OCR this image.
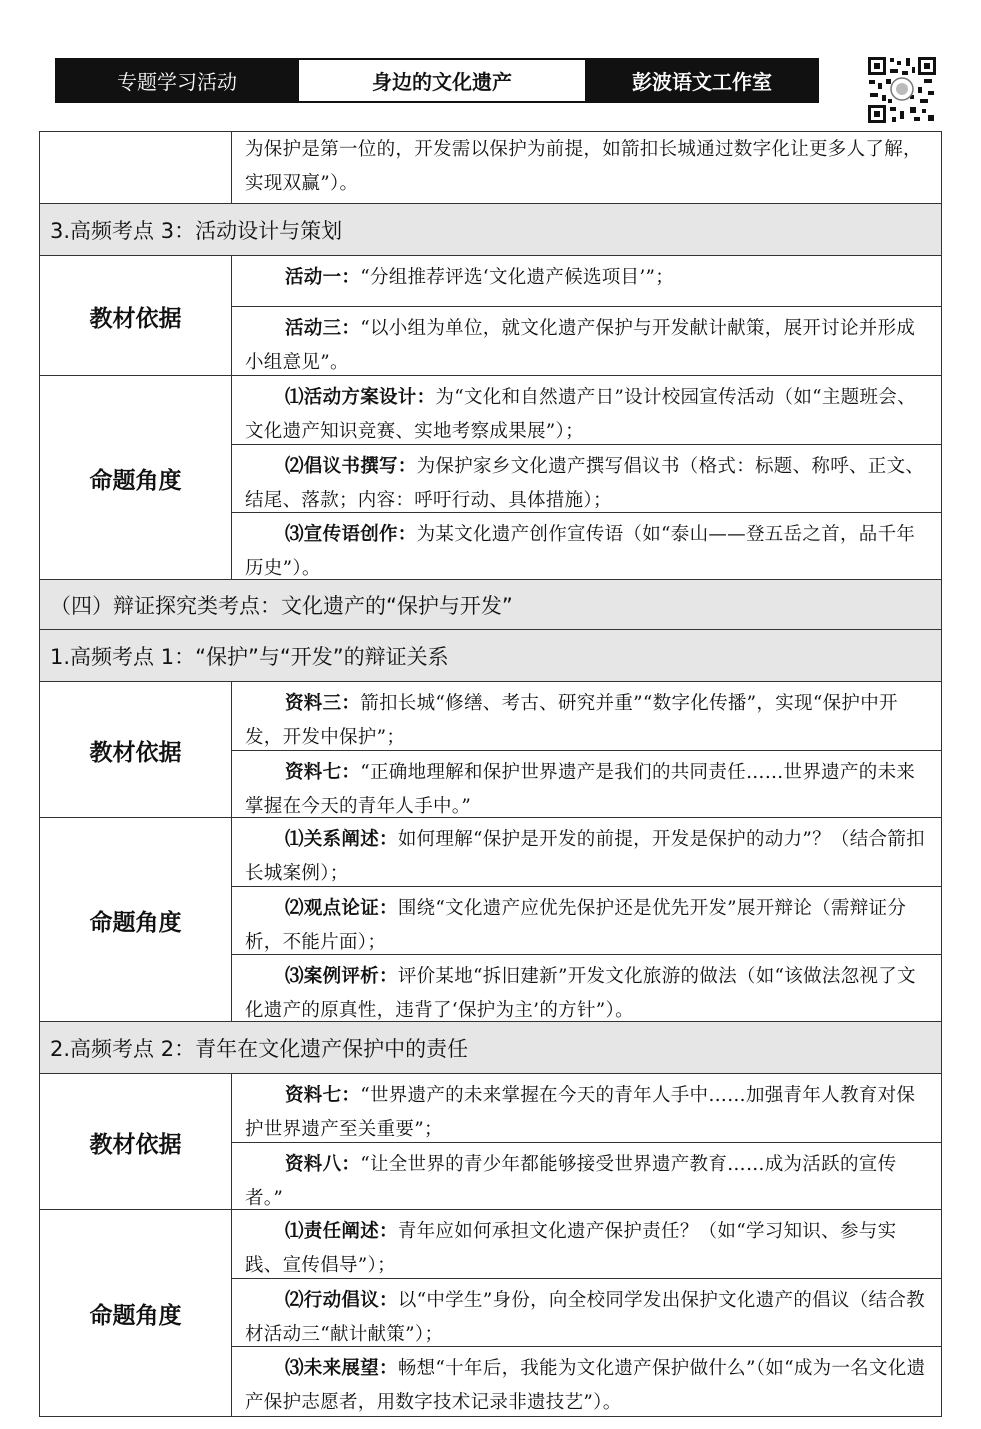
专题学习活动	身边的文化遗产	彭波语文工作室
为保护是第一位的，开发需以保护为前提，如箭扣长城通过数字化让更多人了解，实现双赢”）。
3.高频考点 3：活动设计与策划
教材依据
活动一：“分组推荐评选‘文化遗产候选项目’”；
活动三：“以小组为单位，就文化遗产保护与开发献计献策，展开讨论并形成小组意见”。
命题角度
⑴活动方案设计：为“文化和自然遗产日”设计校园宣传活动（如“主题班会、文化遗产知识竞赛、实地考察成果展”）；
⑵倡议书撰写：为保护家乡文化遗产撰写倡议书（格式：标题、称呼、正文、结尾、落款；内容：呼吁行动、具体措施）；
⑶宣传语创作：为某文化遗产创作宣传语（如“泰山——登五岳之首，品千年历史”）。
（四）辩证探究类考点：文化遗产的“保护与开发”
1.高频考点 1：“保护”与“开发”的辩证关系
教材依据
资料三：箭扣长城“修缮、考古、研究并重”“数字化传播”，实现“保护中开发，开发中保护”；
资料七：“正确地理解和保护世界遗产是我们的共同责任……世界遗产的未来掌握在今天的青年人手中。”
命题角度
⑴关系阐述：如何理解“保护是开发的前提，开发是保护的动力”？（结合箭扣长城案例）；
⑵观点论证：围绕“文化遗产应优先保护还是优先开发”展开辩论（需辩证分析，不能片面）；
⑶案例评析：评价某地“拆旧建新”开发文化旅游的做法（如“该做法忽视了文化遗产的原真性，违背了‘保护为主’的方针”）。
2.高频考点 2：青年在文化遗产保护中的责任
教材依据
资料七：“世界遗产的未来掌握在今天的青年人手中……加强青年人教育对保护世界遗产至关重要”；
资料八：“让全世界的青少年都能够接受世界遗产教育……成为活跃的宣传者。”
命题角度
⑴责任阐述：青年应如何承担文化遗产保护责任？（如“学习知识、参与实践、宣传倡导”）；
⑵行动倡议：以“中学生”身份，向全校同学发出保护文化遗产的倡议（结合教材活动三“献计献策”）；
⑶未来展望：畅想“十年后，我能为文化遗产保护做什么”（如“成为一名文化遗产保护志愿者，用数字技术记录非遗技艺”）。
